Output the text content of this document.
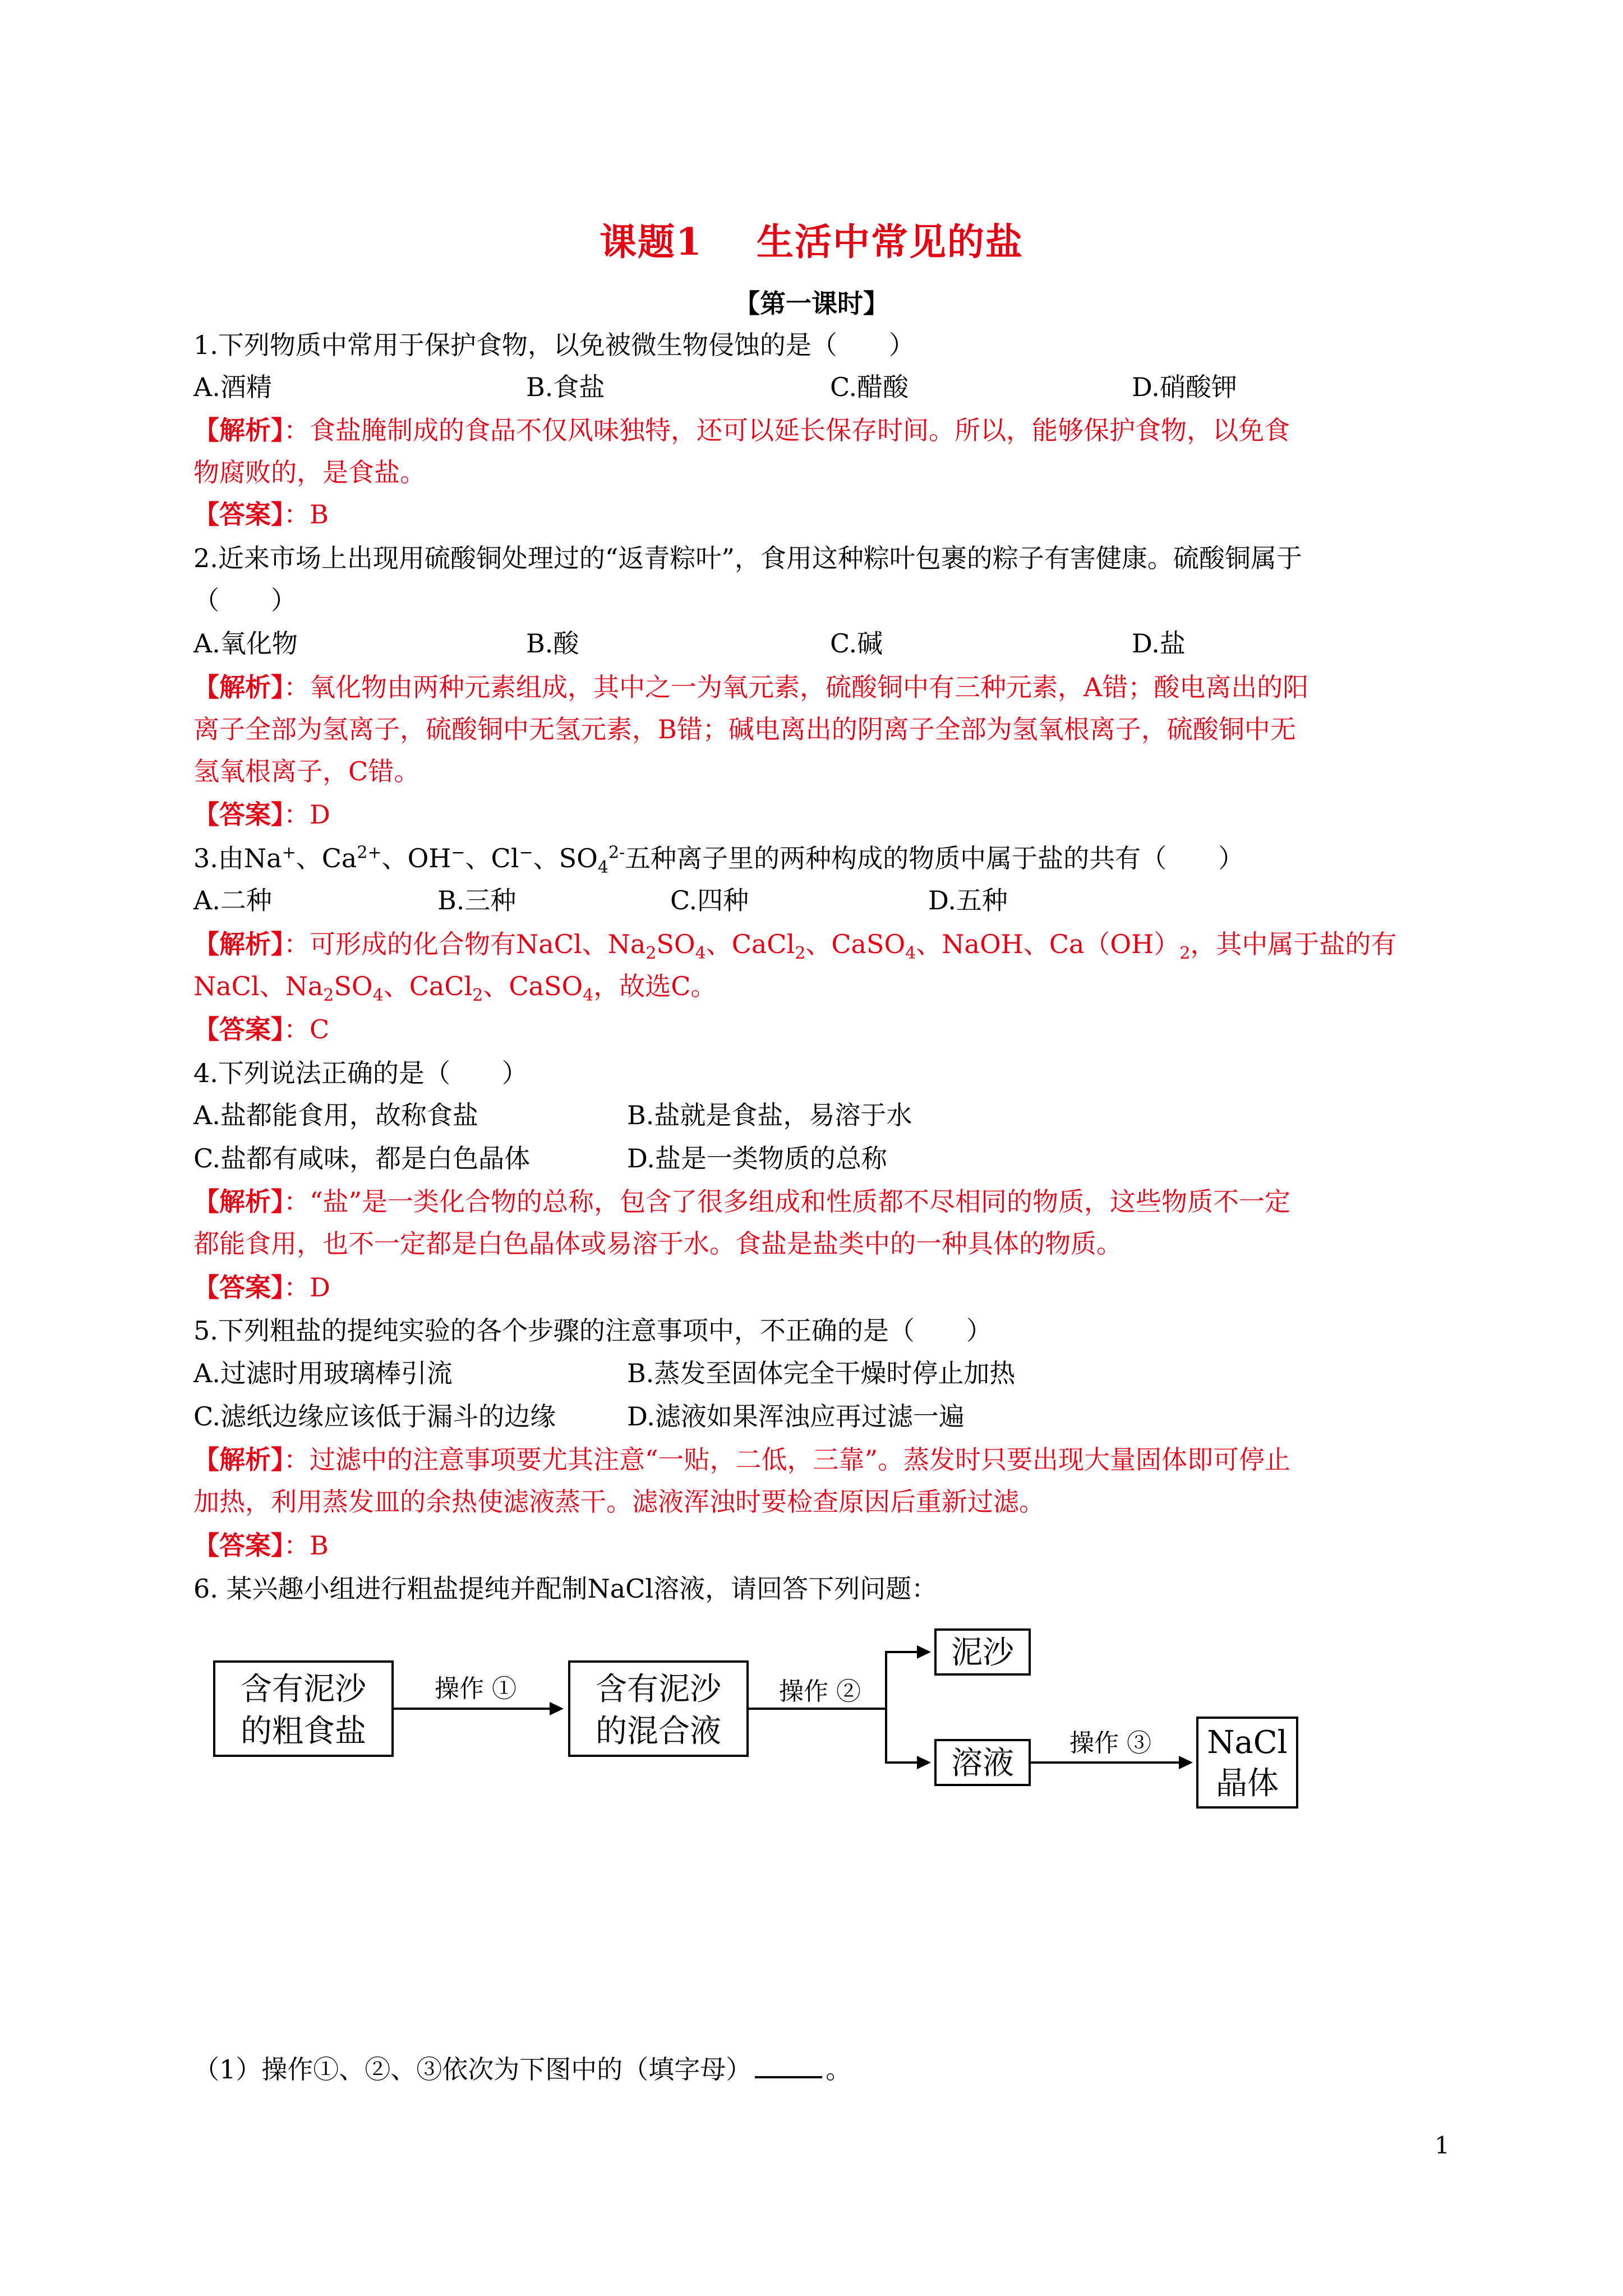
课题1 生活中常见的盐
【第一课时】
1.下列物质中常用于保护食物，以免被微生物侵蚀的是（　　）
A.酒精	B.食盐	C.醋酸	D.硝酸钾
【解析】：食盐腌制成的食品不仅风味独特，还可以延长保存时间。所以，能够保护食物，以免食
物腐败的，是食盐。
【答案】：B
2.近来市场上出现用硫酸铜处理过的“返青粽叶”，食用这种粽叶包裹的粽子有害健康。硫酸铜属于
（　　）
A.氧化物	B.酸	C.碱	D.盐
【解析】：氧化物由两种元素组成，其中之一为氧元素，硫酸铜中有三种元素，A错；酸电离出的阳
离子全部为氢离子，硫酸铜中无氢元素，B错；碱电离出的阴离子全部为氢氧根离子，硫酸铜中无
氢氧根离子，C错。
【答案】：D
3.由Na+、$Ca^{2+}$、OH−、Cl−、$SO_4^{2-}$五种离子里的两种构成的物质中属于盐的共有（　　）
A.二种	B.三种	C.四种	D.五种
【解析】：可形成的化合物有NaCl、$Na_2SO_4$、CaCl$_2$、CaSO$_4$、NaOH、$Ca(OH)_2$，其中属于盐的有
NaCl、$Na_2SO_4$、CaCl$_2$、CaSO$_4$，故选C。
【答案】：C
4.下列说法正确的是（　　）
A.盐都能食用，故称食盐	B.盐就是食盐，易溶于水
C.盐都有咸味，都是白色晶体	D.盐是一类物质的总称
【解析】：“盐”是一类化合物的总称，包含了很多组成和性质都不尽相同的物质，这些物质不一定
都能食用，也不一定都是白色晶体或易溶于水。食盐是盐类中的一种具体的物质。
【答案】：D
5.下列粗盐的提纯实验的各个步骤的注意事项中，不正确的是（　　）
A.过滤时用玻璃棒引流	B.蒸发至固体完全干燥时停止加热
C.滤纸边缘应该低于漏斗的边缘	D.滤液如果浑浊应再过滤一遍
【解析】：过滤中的注意事项要尤其注意“一贴，二低，三靠”。蒸发时只要出现大量固体即可停止
加热，利用蒸发皿的余热使滤液蒸干。滤液浑浊时要检查原因后重新过滤。
【答案】：B
6. 某兴趣小组进行粗盐提纯并配制NaCl溶液，请回答下列问题：
含有泥沙
的粗食盐
含有泥沙
的混合液
泥沙
溶液
NaCl
晶体
操作 ①	操作 ②
操作 ③
（1）操作①、②、③依次为下图中的（填字母）	。
1
